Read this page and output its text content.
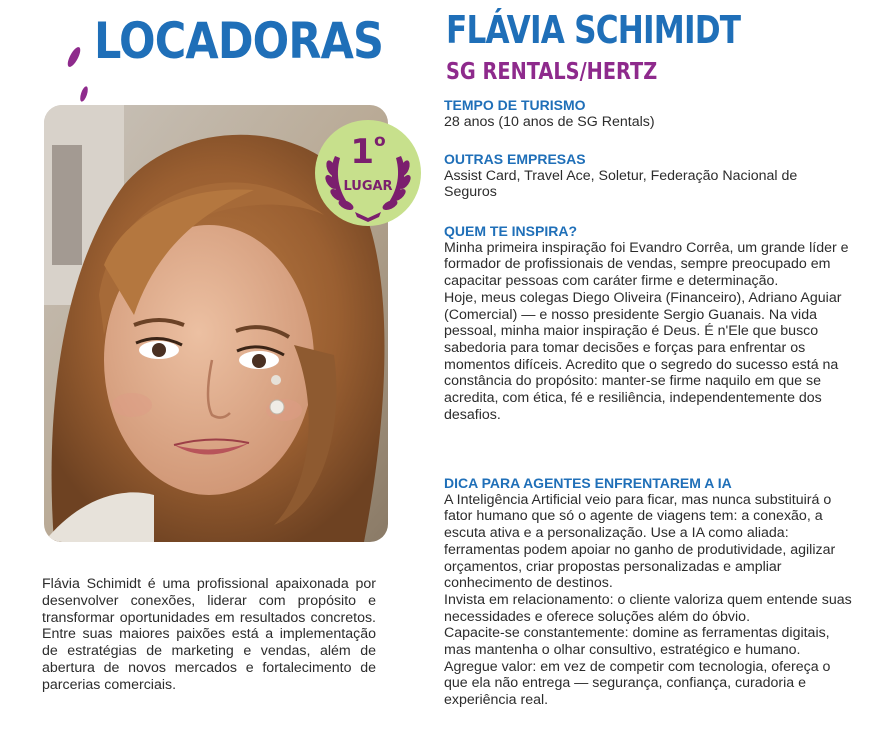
LOCADORAS
1$^o$
LUGAR

Flávia Schimidt é uma profissional apaixonada por desenvolver conexões, liderar com propósito e transformar oportunidades em resultados concretos. Entre suas maiores paixões está a implementação de estratégias de marketing e vendas, além de abertura de novos mercados e fortalecimento de parcerias comerciais.

FLÁVIA SCHIMIDT
SG RENTALS/HERTZ
TEMPO DE TURISMO

28 anos (10 anos de SG Rentals)

OUTRAS EMPRESAS

Assist Card, Travel Ace, Soletur, Federação Nacional de Seguros

QUEM TE INSPIRA?

Minha primeira inspiração foi Evandro Corrêa, um grande líder e formador de profissionais de vendas, sempre preocupado em capacitar pessoas com caráter firme e determinação.

Hoje, meus colegas Diego Oliveira (Financeiro), Adriano Aguiar (Comercial) — e nosso presidente Sergio Guanais. Na vida pessoal, minha maior inspiração é Deus. É n'Ele que busco sabedoria para tomar decisões e forças para enfrentar os momentos difíceis. Acredito que o segredo do sucesso está na constância do propósito: manter-se firme naquilo em que se acredita, com ética, fé e resiliência, independentemente dos desafios.

DICA PARA AGENTES ENFRENTAREM A IA

A Inteligência Artificial veio para ficar, mas nunca substituirá o fator humano que só o agente de viagens tem: a conexão, a escuta ativa e a personalização. Use a IA como aliada: ferramentas podem apoiar no ganho de produtividade, agilizar orçamentos, criar propostas personalizadas e ampliar conhecimento de destinos.

Invista em relacionamento: o cliente valoriza quem entende suas necessidades e oferece soluções além do óbvio.

Capacite-se constantemente: domine as ferramentas digitais, mas mantenha o olhar consultivo, estratégico e humano.

Agregue valor: em vez de competir com tecnologia, ofereça o que ela não entrega — segurança, confiança, curadoria e experiência real.
